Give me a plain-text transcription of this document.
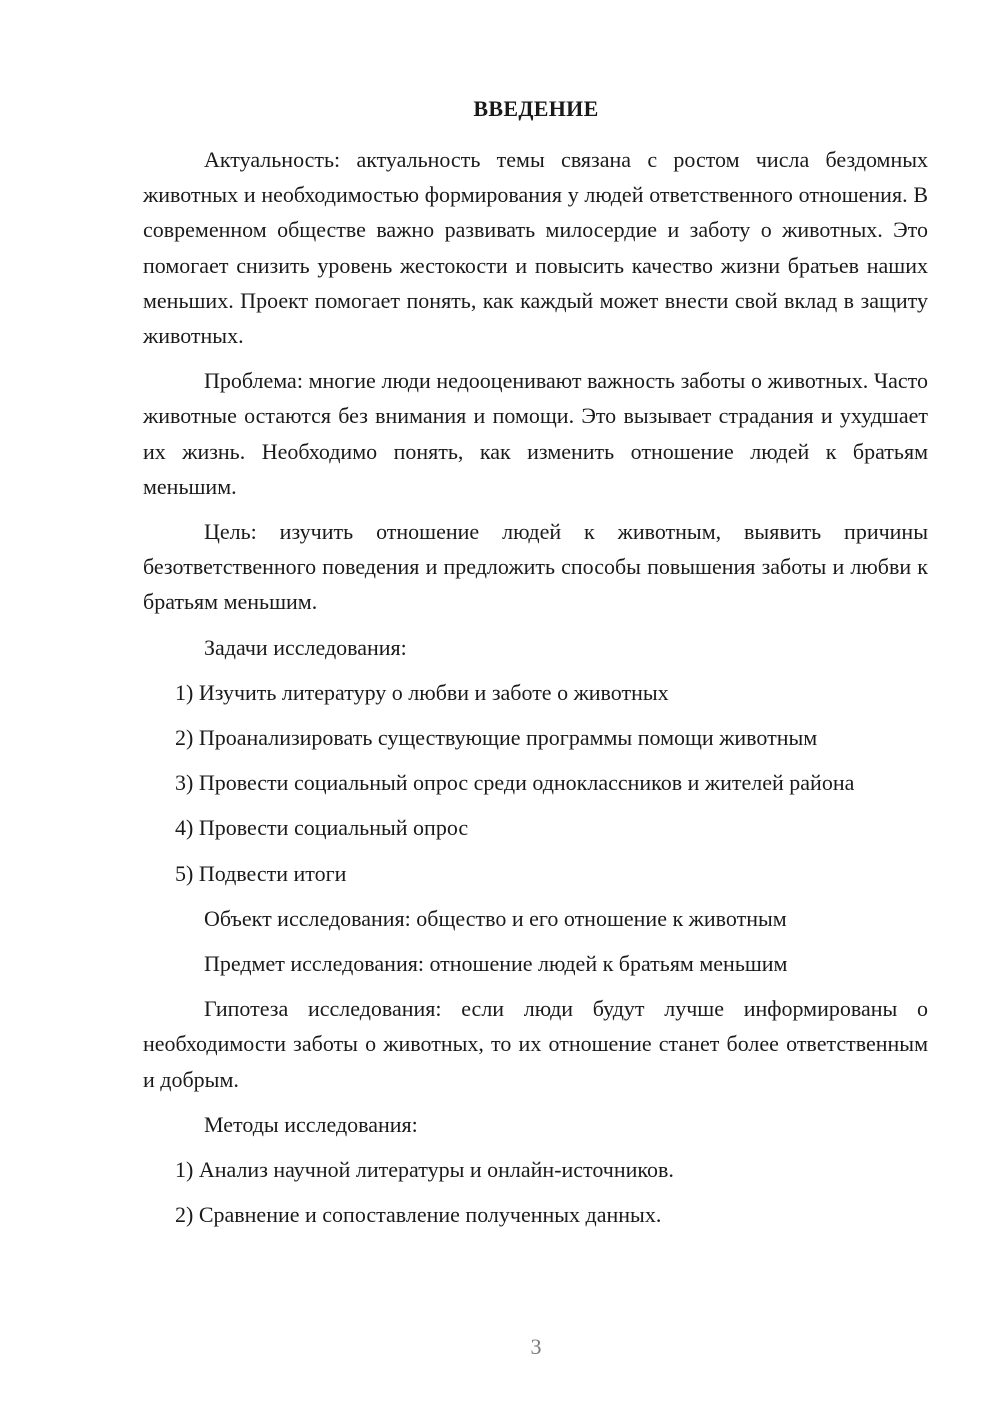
ВВЕДЕНИЕ

Актуальность: актуальность темы связана с ростом числа бездомных животных и необходимостью формирования у людей ответственного отношения. В современном обществе важно развивать милосердие и заботу о животных. Это помогает снизить уровень жестокости и повысить качество жизни братьев наших меньших. Проект помогает понять, как каждый может внести свой вклад в защиту животных.

Проблема: многие люди недооценивают важность заботы о животных. Часто животные остаются без внимания и помощи. Это вызывает страдания и ухудшает их жизнь. Необходимо понять, как изменить отношение людей к братьям меньшим.

Цель: изучить отношение людей к животным, выявить причины безответственного поведения и предложить способы повышения заботы и любви к братьям меньшим.

Задачи исследования:

1) Изучить литературу о любви и заботе о животных

2) Проанализировать существующие программы помощи животным

3) Провести социальный опрос среди одноклассников и жителей района

4) Провести социальный опрос

5) Подвести итоги

Объект исследования: общество и его отношение к животным

Предмет исследования: отношение людей к братьям меньшим

Гипотеза исследования: если люди будут лучше информированы о необходимости заботы о животных, то их отношение станет более ответственным и добрым.

Методы исследования:

1) Анализ научной литературы и онлайн-источников.

2) Сравнение и сопоставление полученных данных.

3
